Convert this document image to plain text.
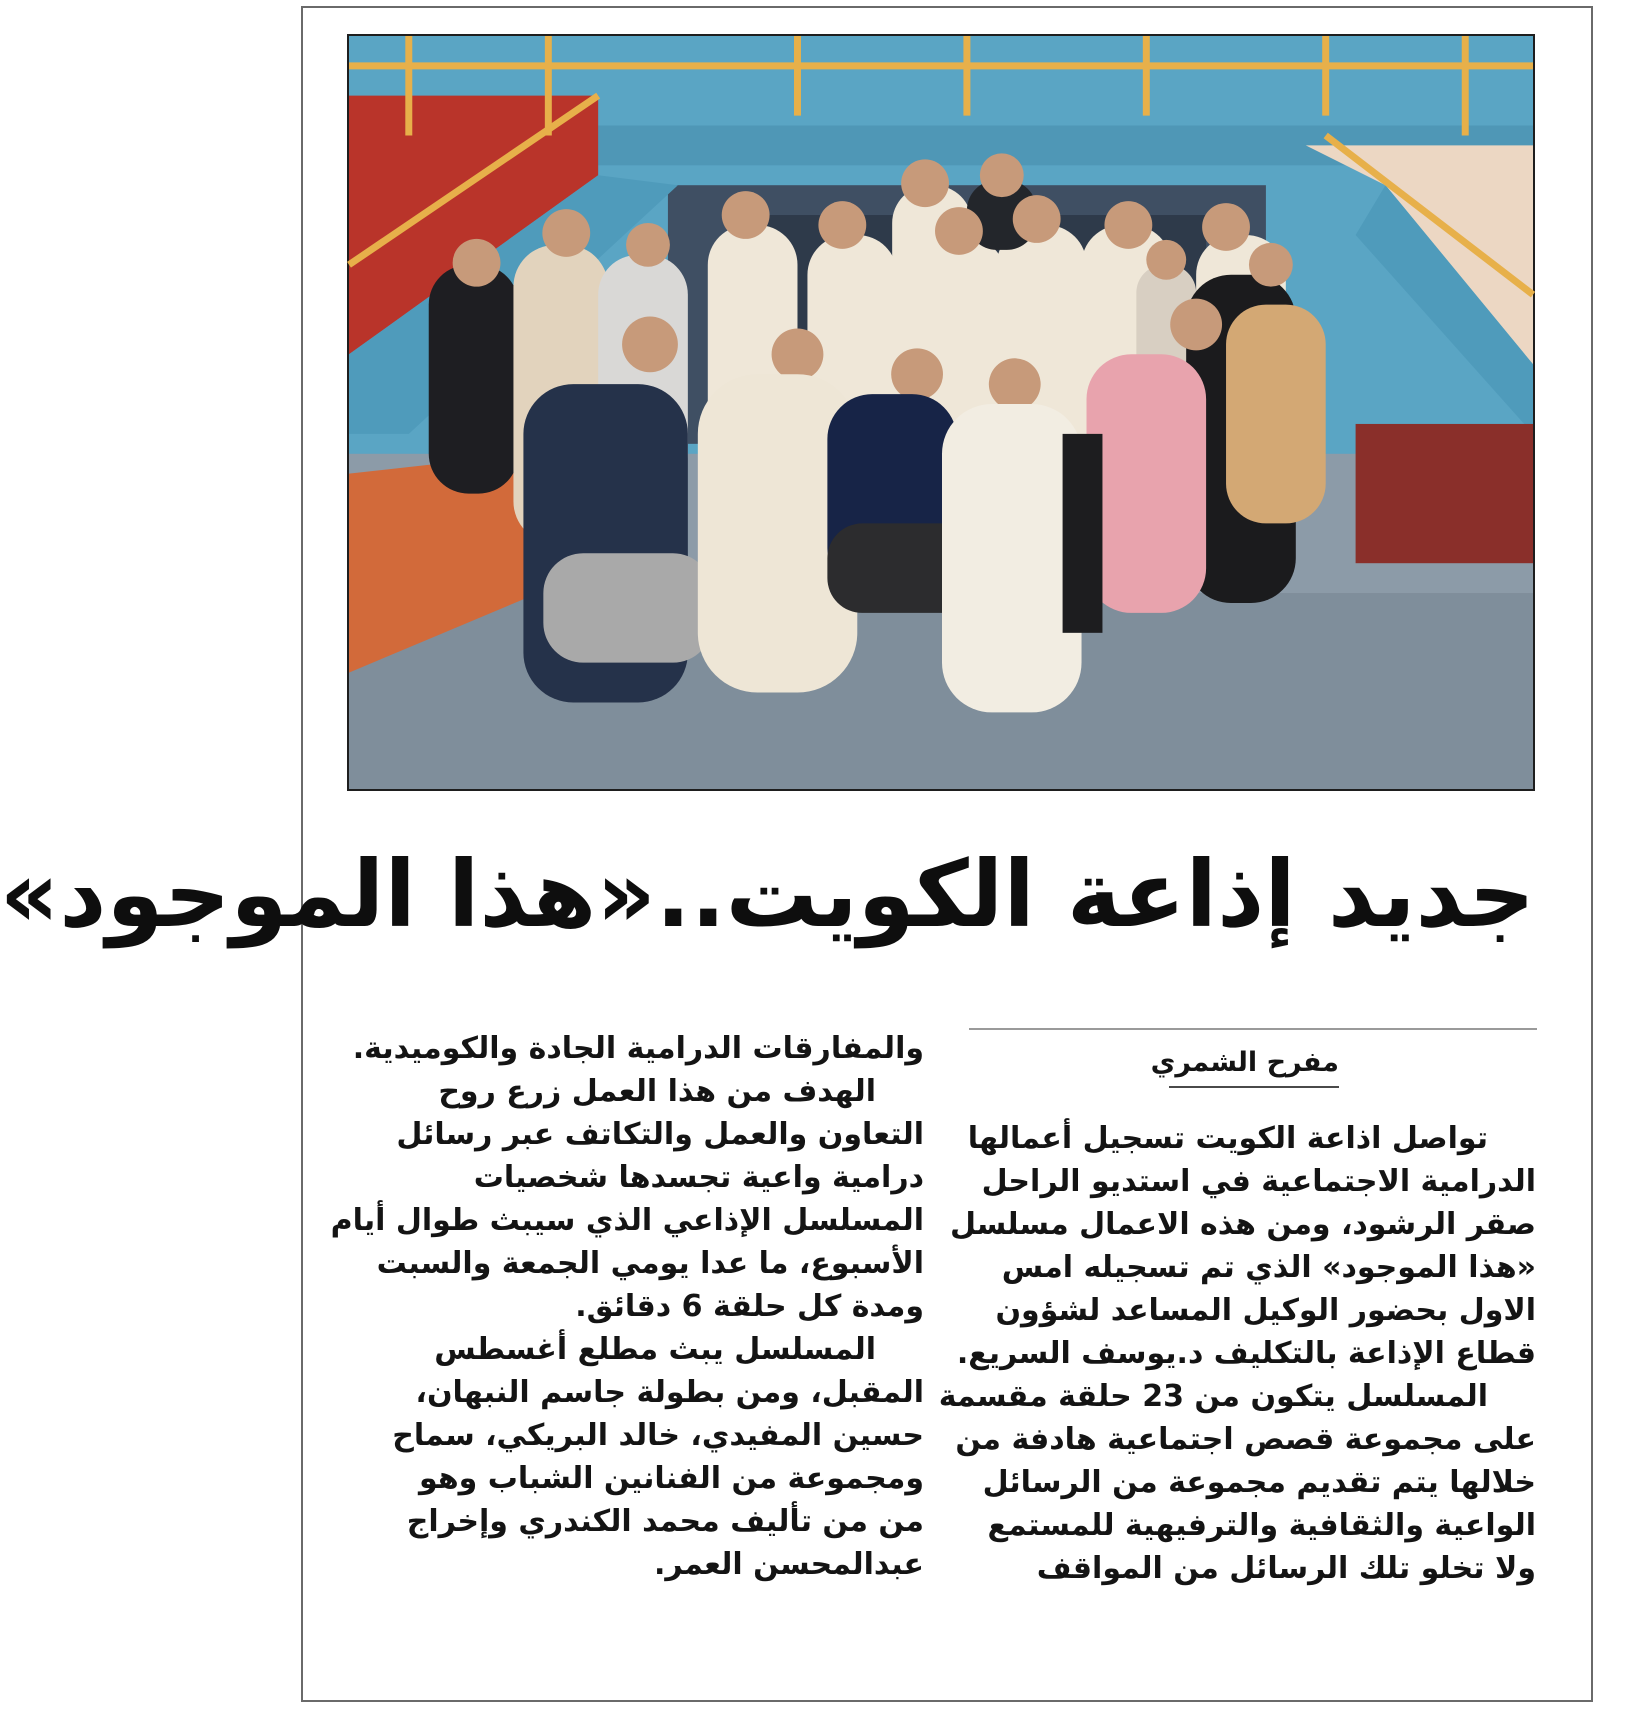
جديد إذاعة الكويت..«هذا الموجود»
مفرح الشمري
تواصل اذاعة الكويت تسجيل أعمالها
الدرامية الاجتماعية في استديو الراحل
صقر الرشود، ومن هذه الاعمال مسلسل
«هذا الموجود» الذي تم تسجيله امس
الاول بحضور الوكيل المساعد لشؤون
قطاع الإذاعة بالتكليف د.يوسف السريع.
المسلسل يتكون من 23 حلقة مقسمة
على مجموعة قصص اجتماعية هادفة من
خلالها يتم تقديم مجموعة من الرسائل
الواعية والثقافية والترفيهية للمستمع
ولا تخلو تلك الرسائل من المواقف
والمفارقات الدرامية الجادة والكوميدية.
الهدف من هذا العمل زرع روح
التعاون والعمل والتكاتف عبر رسائل
درامية واعية تجسدها شخصيات
المسلسل الإذاعي الذي سيبث طوال أيام
الأسبوع، ما عدا يومي الجمعة والسبت
ومدة كل حلقة 6 دقائق.
المسلسل يبث مطلع أغسطس
المقبل، ومن بطولة جاسم النبهان،
حسين المفيدي، خالد البريكي، سماح
ومجموعة من الفنانين الشباب وهو
من من تأليف محمد الكندري وإخراج
عبدالمحسن العمر.
